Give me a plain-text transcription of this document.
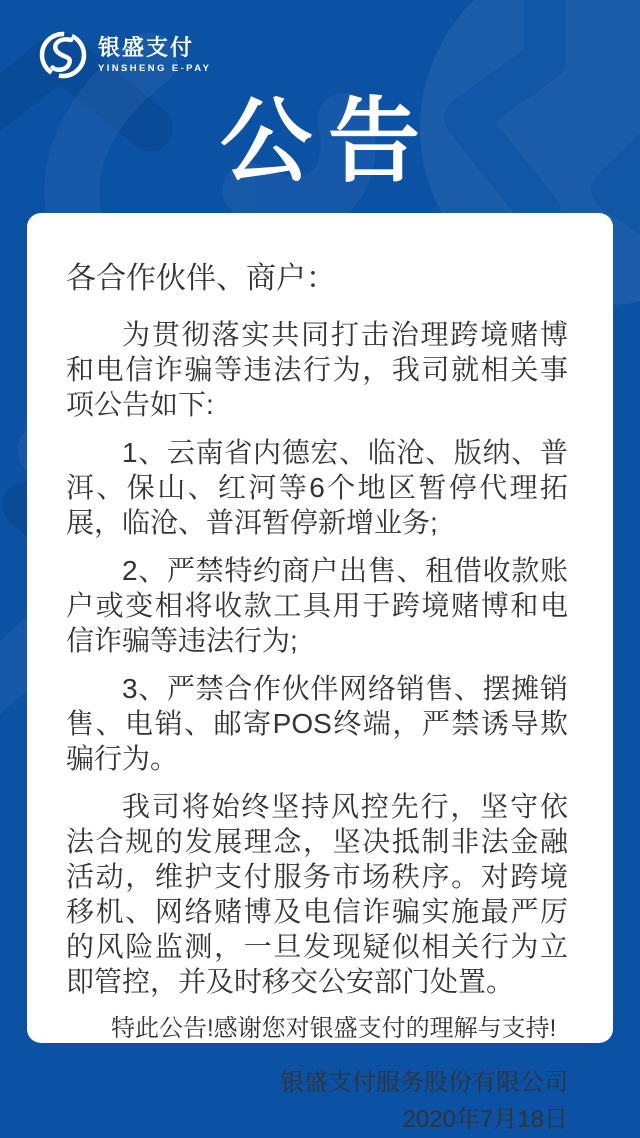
银盛支付
YINSHENG E-PAY
公告

各合作伙伴、商户：

为贯彻落实共同打击治理跨境赌博和电信诈骗等违法行为，我司就相关事项公告如下:

1、云南省内德宏、临沧、版纳、普洱、保山、红河等6个地区暂停代理拓展，临沧、普洱暂停新增业务;

2、严禁特约商户出售、租借收款账户或变相将收款工具用于跨境赌博和电信诈骗等违法行为;

3、严禁合作伙伴网络销售、摆摊销售、电销、邮寄POS终端，严禁诱导欺骗行为。

我司将始终坚持风控先行，坚守依法合规的发展理念，坚决抵制非法金融活动，维护支付服务市场秩序。对跨境移机、网络赌博及电信诈骗实施最严厉的风险监测，一旦发现疑似相关行为立即管控，并及时移交公安部门处置。

特此公告!感谢您对银盛支付的理解与支持!

银盛支付服务股份有限公司

2020年7月18日
